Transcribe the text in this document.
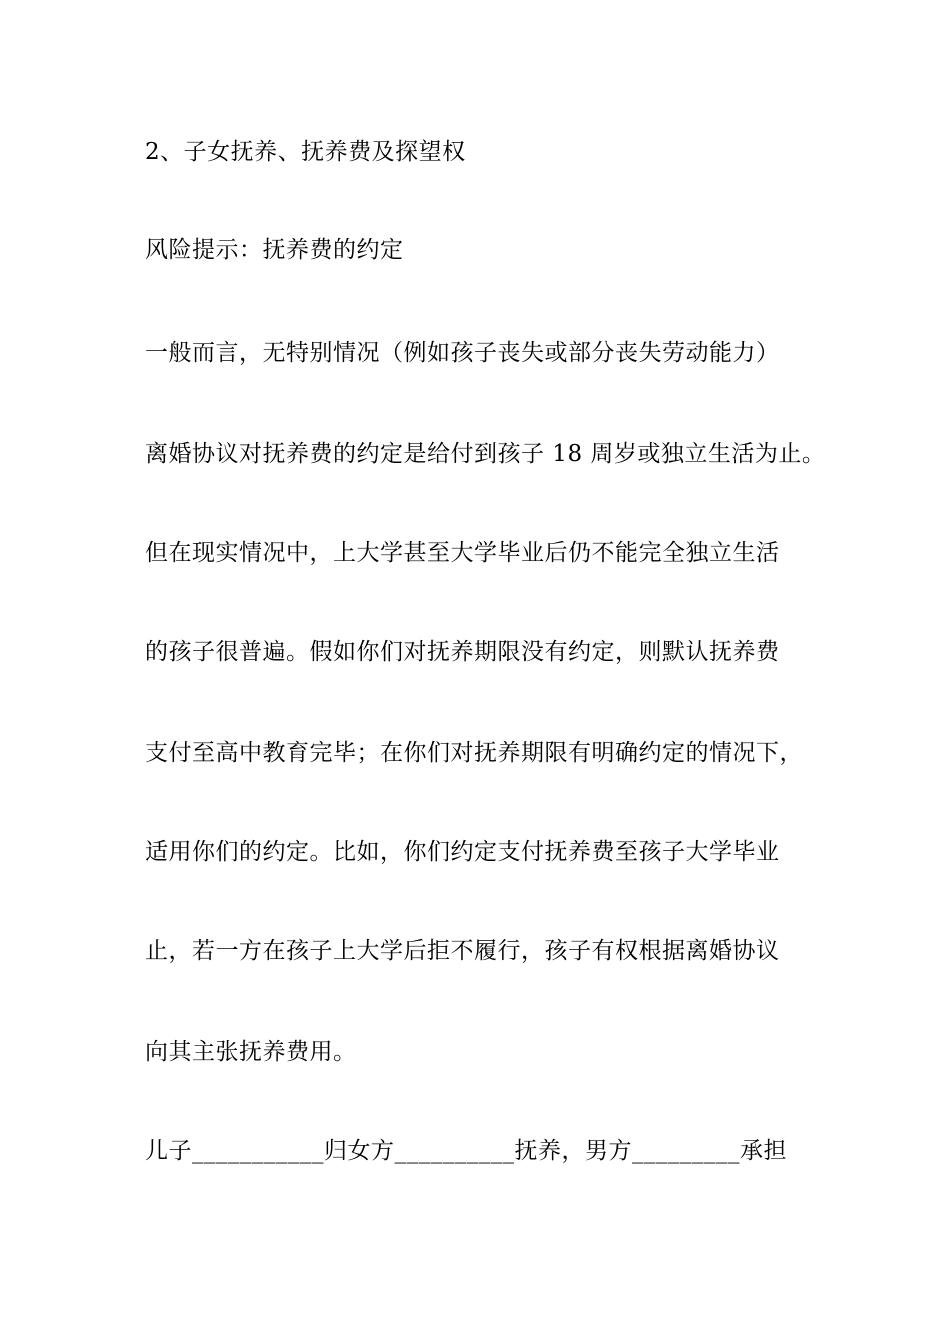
2、子女抚养、抚养费及探望权
风险提示：抚养费的约定
一般而言，无特别情况（例如孩子丧失或部分丧失劳动能力）
离婚协议对抚养费的约定是给付到孩子 18 周岁或独立生活为止。
但在现实情况中，上大学甚至大学毕业后仍不能完全独立生活
的孩子很普遍。假如你们对抚养期限没有约定，则默认抚养费
支付至高中教育完毕；在你们对抚养期限有明确约定的情况下，
适用你们的约定。比如，你们约定支付抚养费至孩子大学毕业
止，若一方在孩子上大学后拒不履行，孩子有权根据离婚协议
向其主张抚养费用。
儿子___________归女方__________抚养，男方_________承担
